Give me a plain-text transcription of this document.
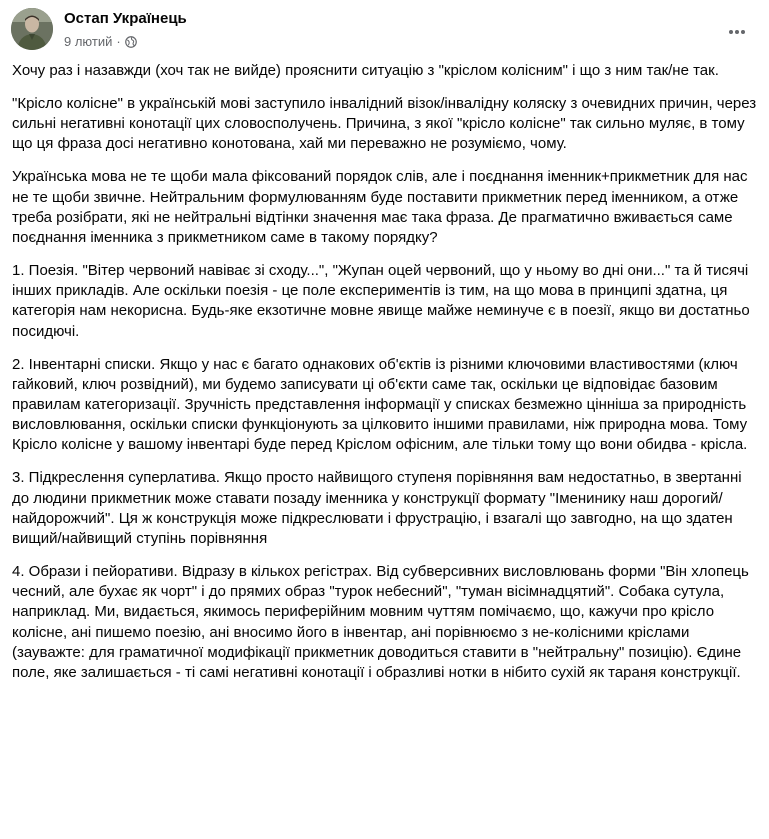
Остап Українець
9 лютий ·

Хочу раз і назавжди (хоч так не вийде) прояснити ситуацію з "кріслом колісним" і що з ним так/не так.

"Крісло колісне" в українській мові заступило інвалідний візок/інвалідну коляску з очевидних причин, через сильні негативні конотації цих словосполучень. Причина, з якої "крісло колісне" так сильно муляє, в тому що ця фраза досі негативно конотована, хай ми переважно не розуміємо, чому.

Українська мова не те щоби мала фіксований порядок слів, але і поєднання іменник+прикметник для нас не те щоби звичне. Нейтральним формулюванням буде поставити прикметник перед іменником, а отже треба розібрати, які не нейтральні відтінки значення має така фраза. Де прагматично вживається саме поєднання іменника з прикметником саме в такому порядку?

1. Поезія. "Вітер червоний навіває зі сходу...", "Жупан оцей червоний, що у ньому во дні они..." та й тисячі інших прикладів. Але оскільки поезія - це поле експериментів із тим, на що мова в принципі здатна, ця категорія нам некорисна. Будь-яке екзотичне мовне явище майже неминуче є в поезії, якщо ви достатньо посидючі.

2. Інвентарні списки. Якщо у нас є багато однакових об'єктів із різними ключовими властивостями (ключ гайковий, ключ розвідний), ми будемо записувати ці об'єкти саме так, оскільки це відповідає базовим правилам категоризації. Зручність представлення інформації у списках безмежно цінніша за природність висловлювання, оскільки списки функціонують за цілковито іншими правилами, ніж природна мова. Тому Крісло колісне у вашому інвентарі буде перед Кріслом офісним, але тільки тому що вони обидва - крісла.

3. Підкреслення суперлатива. Якщо просто найвищого ступеня порівняння вам недостатньо, в звертанні до людини прикметник може ставати позаду іменника у конструкції формату "Іменинику наш дорогий/найдорожчий". Ця ж конструкція може підкреслювати і фрустрацію, і взагалі що завгодно, на що здатен вищий/найвищий ступінь порівняння

4. Образи і пейоративи. Відразу в кількох регістрах. Від субверсивних висловлювань форми "Він хлопець чесний, але бухає як чорт" і до прямих образ "турок небесний", "туман вісімнадцятий". Собака сутула, наприклад. Ми, видається, якимось периферійним мовним чуттям помічаємо, що, кажучи про крісло колісне, ані пишемо поезію, ані вносимо його в інвентар, ані порівнюємо з не-колісними кріслами (зауважте: для граматичної модифікації прикметник доводиться ставити в "нейтральну" позицію). Єдине поле, яке залишається - ті самі негативні конотації і образливі нотки в нібито сухій як тараня конструкції.
